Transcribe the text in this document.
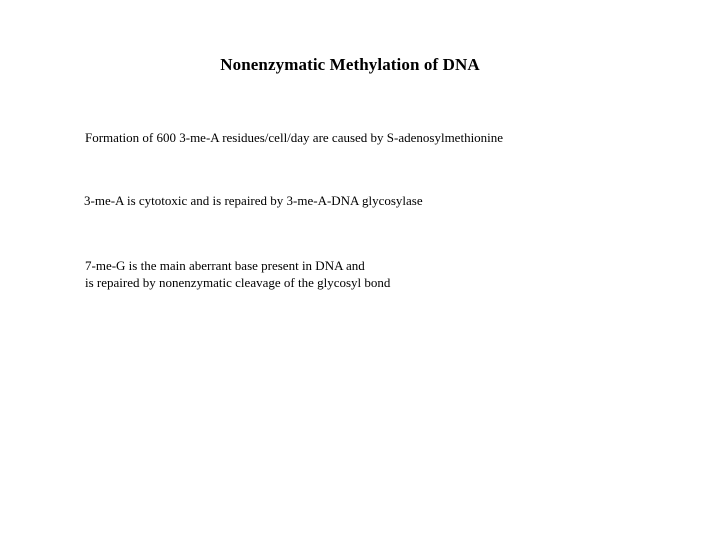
Nonenzymatic Methylation of DNA
Formation of 600 3-me-A residues/cell/day are caused by S-adenosylmethionine
3-me-A is cytotoxic and is repaired by 3-me-A-DNA glycosylase
7-me-G is the main aberrant base present in DNA and
is repaired by nonenzymatic cleavage of the glycosyl bond
